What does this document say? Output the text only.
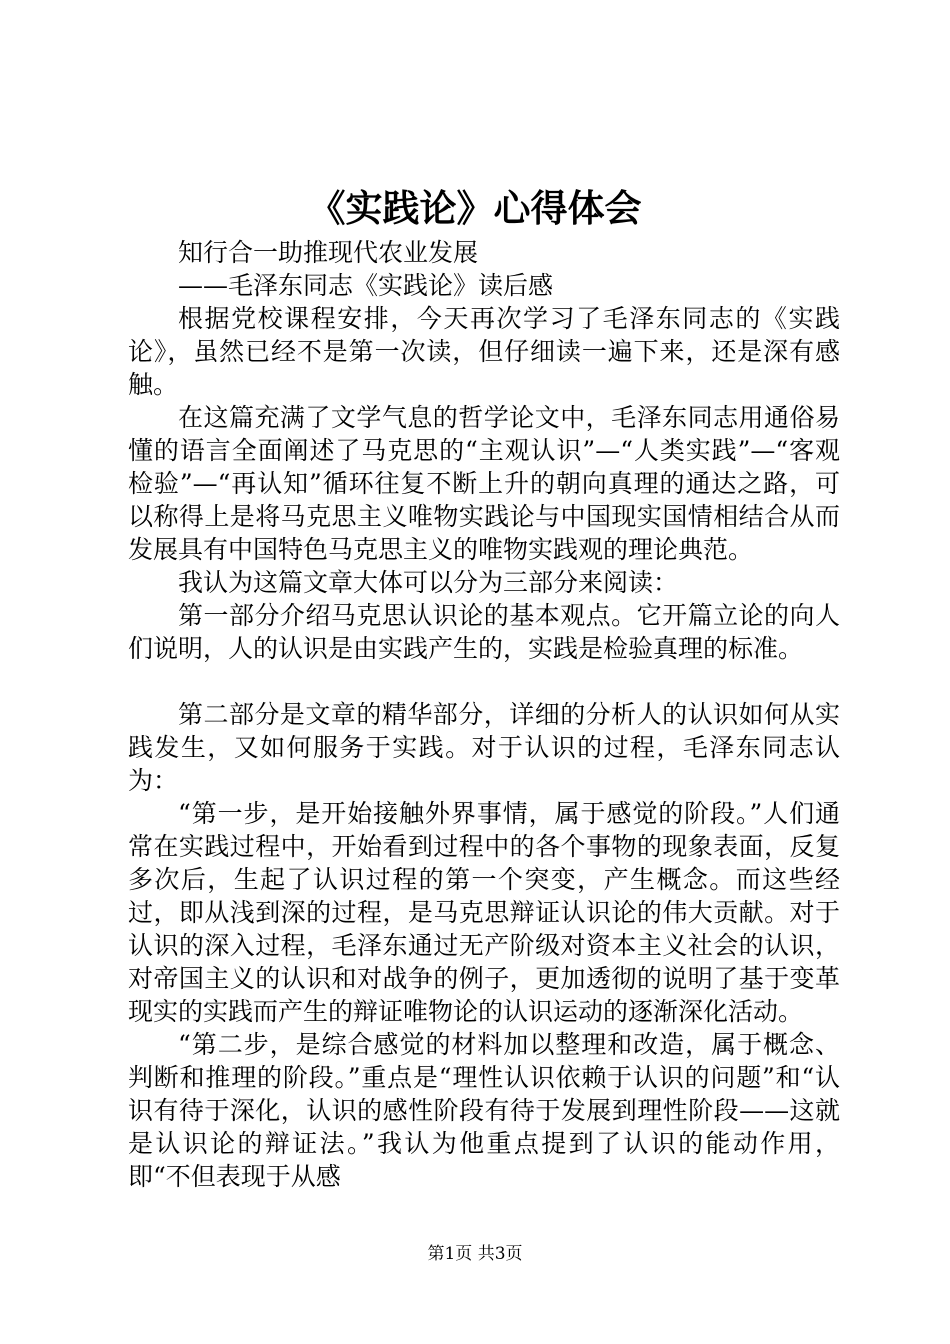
《实践论》心得体会

知行合一助推现代农业发展

——毛泽东同志《实践论》读后感

根据党校课程安排，今天再次学习了毛泽东同志的《实践论》，虽然已经不是第一次读，但仔细读一遍下来，还是深有感触。

在这篇充满了文学气息的哲学论文中，毛泽东同志用通俗易懂的语言全面阐述了马克思的“主观认识”—“人类实践”—“客观检验”—“再认知”循环往复不断上升的朝向真理的通达之路，可以称得上是将马克思主义唯物实践论与中国现实国情相结合从而发展具有中国特色马克思主义的唯物实践观的理论典范。

我认为这篇文章大体可以分为三部分来阅读：

第一部分介绍马克思认识论的基本观点。它开篇立论的向人们说明，人的认识是由实践产生的，实践是检验真理的标准。

第二部分是文章的精华部分，详细的分析人的认识如何从实践发生，又如何服务于实践。对于认识的过程，毛泽东同志认为：

“第一步，是开始接触外界事情，属于感觉的阶段。”人们通常在实践过程中，开始看到过程中的各个事物的现象表面，反复多次后，生起了认识过程的第一个突变，产生概念。而这些经过，即从浅到深的过程，是马克思辩证认识论的伟大贡献。对于认识的深入过程，毛泽东通过无产阶级对资本主义社会的认识，对帝国主义的认识和对战争的例子，更加透彻的说明了基于变革现实的实践而产生的辩证唯物论的认识运动的逐渐深化活动。

“第二步，是综合感觉的材料加以整理和改造，属于概念、判断和推理的阶段。”重点是“理性认识依赖于认识的问题”和“认识有待于深化，认识的感性阶段有待于发展到理性阶段——这就是认识论的辩证法。”我认为他重点提到了认识的能动作用，即“不但表现于从感

第1页 共3页
